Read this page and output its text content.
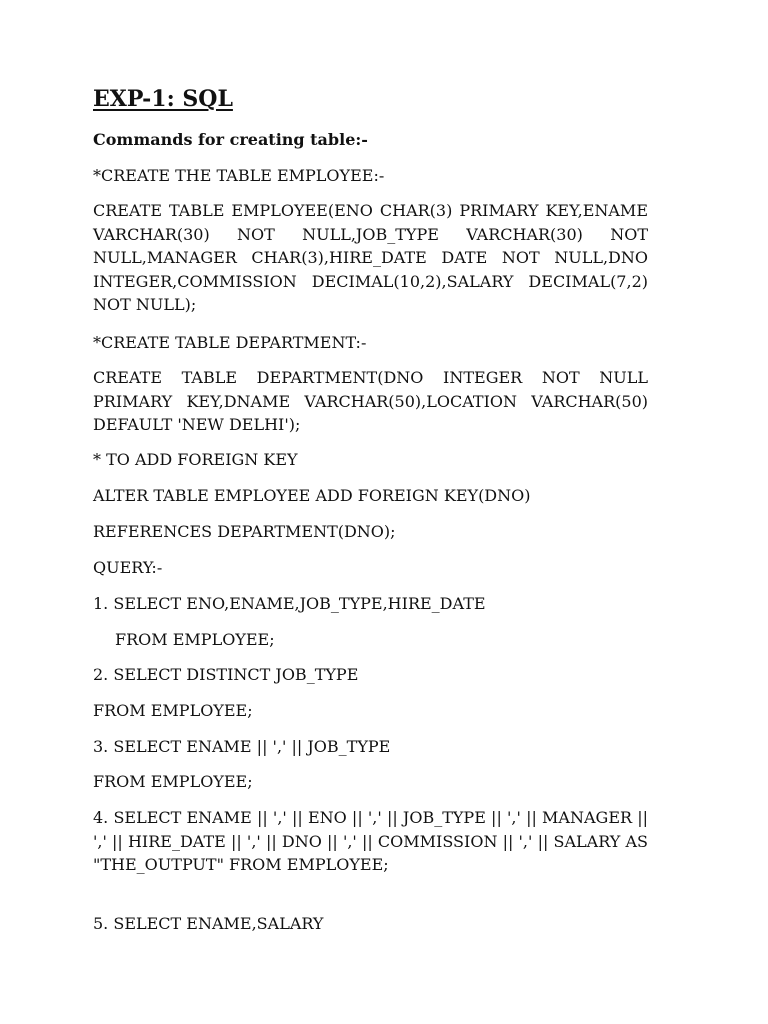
EXP-1: SQL
Commands for creating table:-
*CREATE THE TABLE EMPLOYEE:-
CREATE TABLE EMPLOYEE(ENO CHAR(3) PRIMARY KEY,ENAME VARCHAR(30) NOT NULL,JOB_TYPE VARCHAR(30) NOT NULL,MANAGER CHAR(3),HIRE_DATE DATE NOT NULL,DNO INTEGER,COMMISSION DECIMAL(10,2),SALARY DECIMAL(7,2) NOT NULL);
*CREATE TABLE DEPARTMENT:-
CREATE TABLE DEPARTMENT(DNO INTEGER NOT NULL PRIMARY KEY,DNAME VARCHAR(50),LOCATION VARCHAR(50) DEFAULT 'NEW DELHI');
* TO ADD FOREIGN KEY
ALTER TABLE EMPLOYEE ADD FOREIGN KEY(DNO)
REFERENCES DEPARTMENT(DNO);
QUERY:-
1. SELECT ENO,ENAME,JOB_TYPE,HIRE_DATE
FROM EMPLOYEE;
2. SELECT DISTINCT JOB_TYPE
FROM EMPLOYEE;
3. SELECT ENAME || ',' || JOB_TYPE
FROM EMPLOYEE;
4. SELECT ENAME || ',' || ENO || ',' || JOB_TYPE || ',' || MANAGER || ',' || HIRE_DATE || ',' || DNO || ',' || COMMISSION || ',' || SALARY AS "THE_OUTPUT" FROM EMPLOYEE;
5. SELECT ENAME,SALARY
